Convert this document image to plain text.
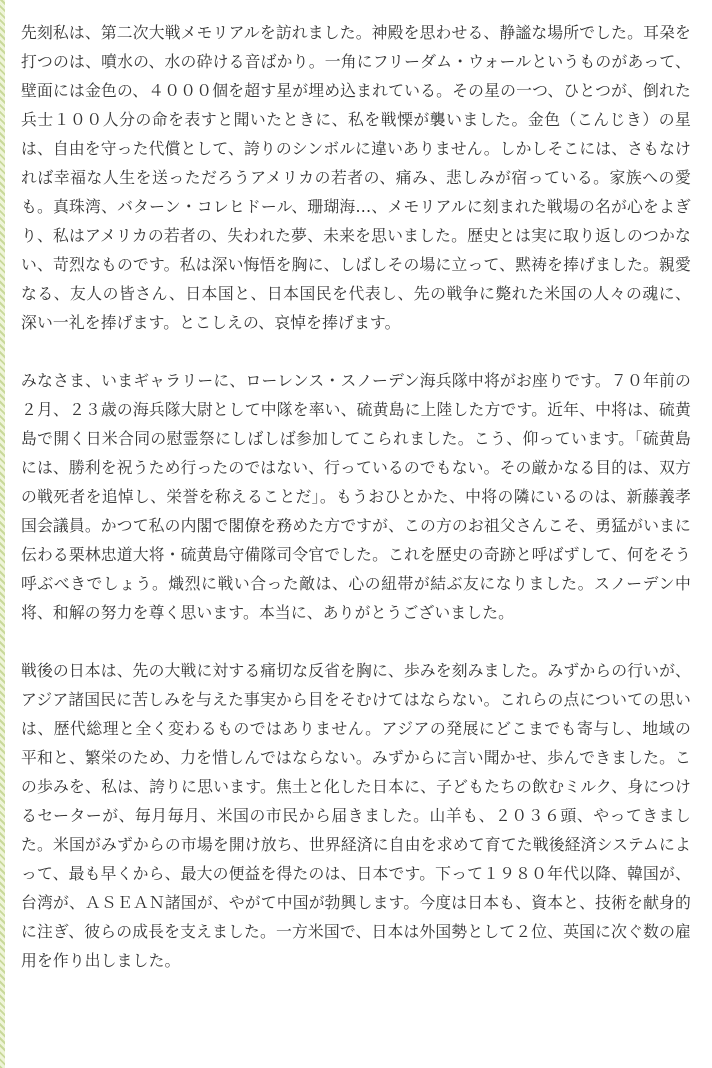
先刻私は、第二次大戦メモリアルを訪れました。神殿を思わせる、静謐な場所でした。耳朶を打つのは、噴水の、水の砕ける音ばかり。一角にフリーダム・ウォールというものがあって、壁面には金色の、４０００個を超す星が埋め込まれている。その星の一つ、ひとつが、倒れた兵士１００人分の命を表すと聞いたときに、私を戦慄が襲いました。金色（こんじき）の星は、自由を守った代償として、誇りのシンボルに違いありません。しかしそこには、さもなければ幸福な人生を送っただろうアメリカの若者の、痛み、悲しみが宿っている。家族への愛も。真珠湾、バターン・コレヒドール、珊瑚海…、メモリアルに刻まれた戦場の名が心をよぎり、私はアメリカの若者の、失われた夢、未来を思いました。歴史とは実に取り返しのつかない、苛烈なものです。私は深い悔悟を胸に、しばしその場に立って、黙祷を捧げました。親愛なる、友人の皆さん、日本国と、日本国民を代表し、先の戦争に斃れた米国の人々の魂に、深い一礼を捧げます。とこしえの、哀悼を捧げます。

みなさま、いまギャラリーに、ローレンス・スノーデン海兵隊中将がお座りです。７０年前の２月、２３歳の海兵隊大尉として中隊を率い、硫黄島に上陸した方です。近年、中将は、硫黄島で開く日米合同の慰霊祭にしばしば参加してこられました。こう、仰っています。「硫黄島には、勝利を祝うため行ったのではない、行っているのでもない。その厳かなる目的は、双方の戦死者を追悼し、栄誉を称えることだ」。もうおひとかた、中将の隣にいるのは、新藤義孝国会議員。かつて私の内閣で閣僚を務めた方ですが、この方のお祖父さんこそ、勇猛がいまに伝わる栗林忠道大将・硫黄島守備隊司令官でした。これを歴史の奇跡と呼ばずして、何をそう呼ぶべきでしょう。熾烈に戦い合った敵は、心の紐帯が結ぶ友になりました。スノーデン中将、和解の努力を尊く思います。本当に、ありがとうございました。

戦後の日本は、先の大戦に対する痛切な反省を胸に、歩みを刻みました。みずからの行いが、アジア諸国民に苦しみを与えた事実から目をそむけてはならない。これらの点についての思いは、歴代総理と全く変わるものではありません。アジアの発展にどこまでも寄与し、地域の平和と、繁栄のため、力を惜しんではならない。みずからに言い聞かせ、歩んできました。この歩みを、私は、誇りに思います。焦土と化した日本に、子どもたちの飲むミルク、身につけるセーターが、毎月毎月、米国の市民から届きました。山羊も、２０３６頭、やってきました。米国がみずからの市場を開け放ち、世界経済に自由を求めて育てた戦後経済システムによって、最も早くから、最大の便益を得たのは、日本です。下って１９８０年代以降、韓国が、台湾が、ＡＳＥＡＮ諸国が、やがて中国が勃興します。今度は日本も、資本と、技術を献身的に注ぎ、彼らの成長を支えました。一方米国で、日本は外国勢として２位、英国に次ぐ数の雇用を作り出しました。
